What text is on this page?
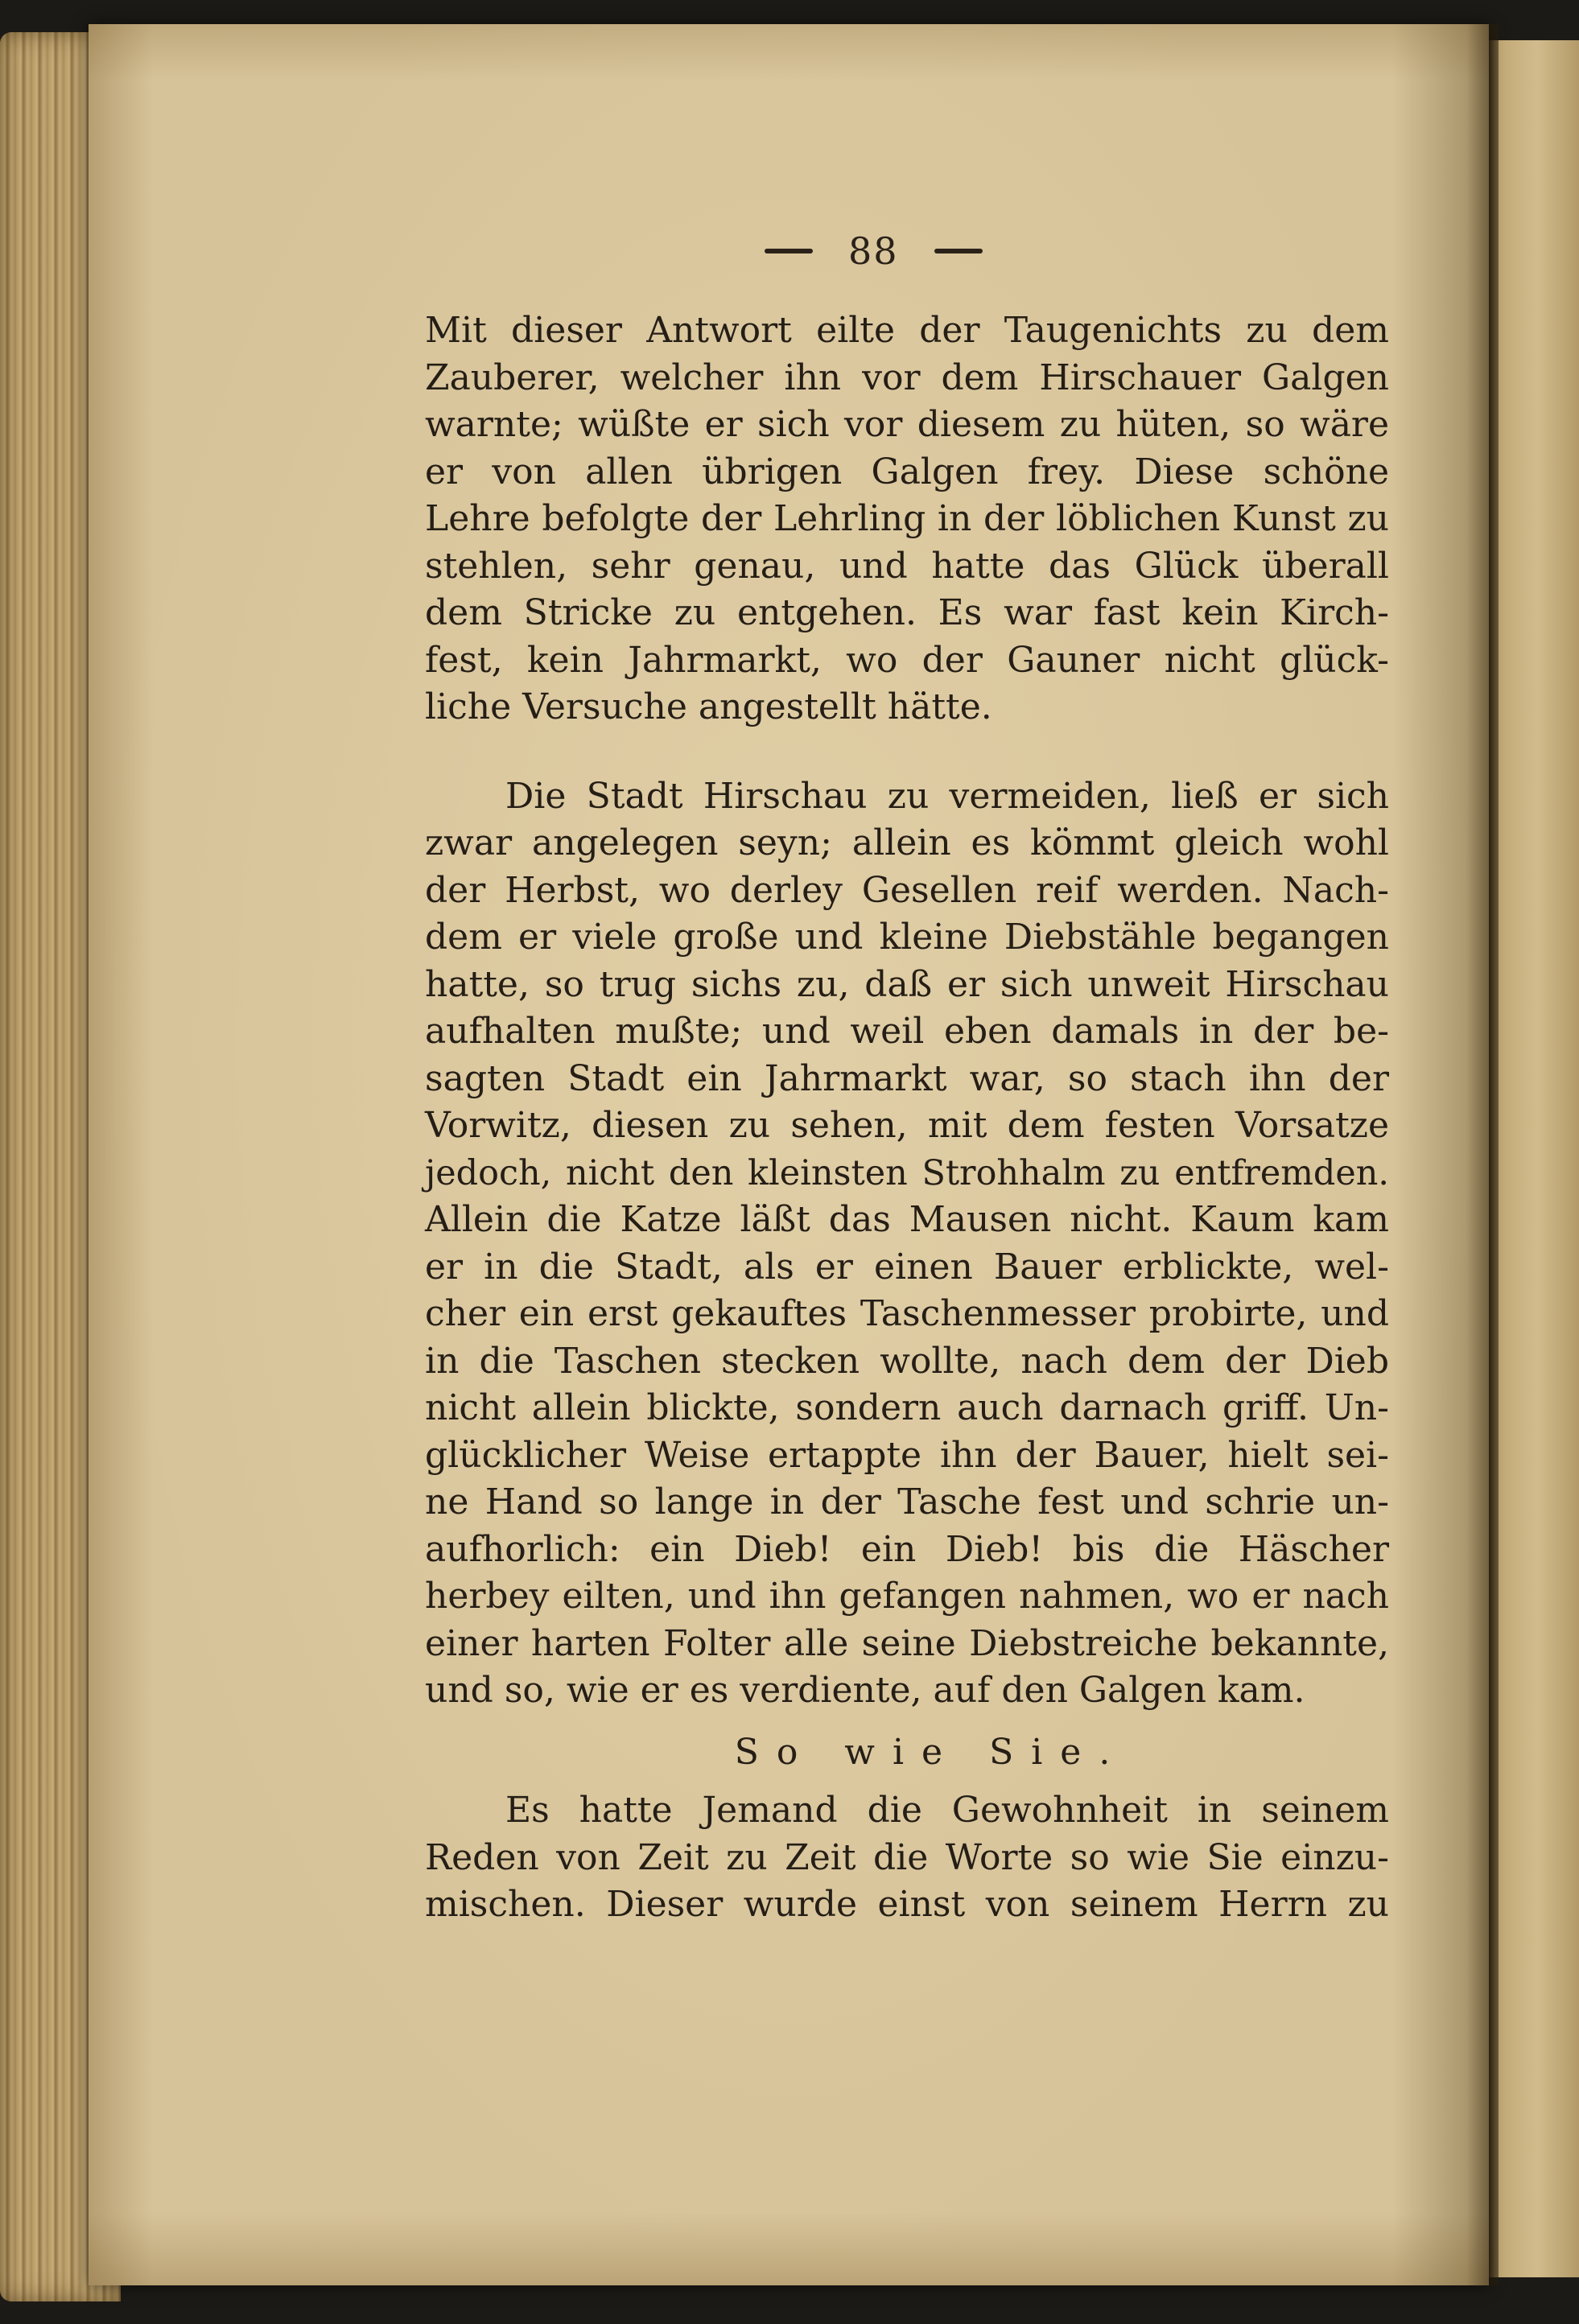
88
Mit dieser Antwort eilte der Taugenichts zu dem
Zauberer, welcher ihn vor dem Hirschauer Galgen
warnte; wüßte er sich vor diesem zu hüten, so wäre
er von allen übrigen Galgen frey. Diese schöne
Lehre befolgte der Lehrling in der löblichen Kunst zu
stehlen, sehr genau, und hatte das Glück überall
dem Stricke zu entgehen. Es war fast kein Kirch-
fest, kein Jahrmarkt, wo der Gauner nicht glück-
liche Versuche angestellt hätte.
Die Stadt Hirschau zu vermeiden, ließ er sich
zwar angelegen seyn; allein es kömmt gleich wohl
der Herbst, wo derley Gesellen reif werden. Nach-
dem er viele große und kleine Diebstähle begangen
hatte, so trug sichs zu, daß er sich unweit Hirschau
aufhalten mußte; und weil eben damals in der be-
sagten Stadt ein Jahrmarkt war, so stach ihn der
Vorwitz, diesen zu sehen, mit dem festen Vorsatze
jedoch, nicht den kleinsten Strohhalm zu entfremden.
Allein die Katze läßt das Mausen nicht. Kaum kam
er in die Stadt, als er einen Bauer erblickte, wel-
cher ein erst gekauftes Taschenmesser probirte, und
in die Taschen stecken wollte, nach dem der Dieb
nicht allein blickte, sondern auch darnach griff. Un-
glücklicher Weise ertappte ihn der Bauer, hielt sei-
ne Hand so lange in der Tasche fest und schrie un-
aufhorlich: ein Dieb! ein Dieb! bis die Häscher
herbey eilten, und ihn gefangen nahmen, wo er nach
einer harten Folter alle seine Diebstreiche bekannte,
und so, wie er es verdiente, auf den Galgen kam.
So wie Sie.
Es hatte Jemand die Gewohnheit in seinem
Reden von Zeit zu Zeit die Worte so wie Sie einzu-
mischen. Dieser wurde einst von seinem Herrn zu
